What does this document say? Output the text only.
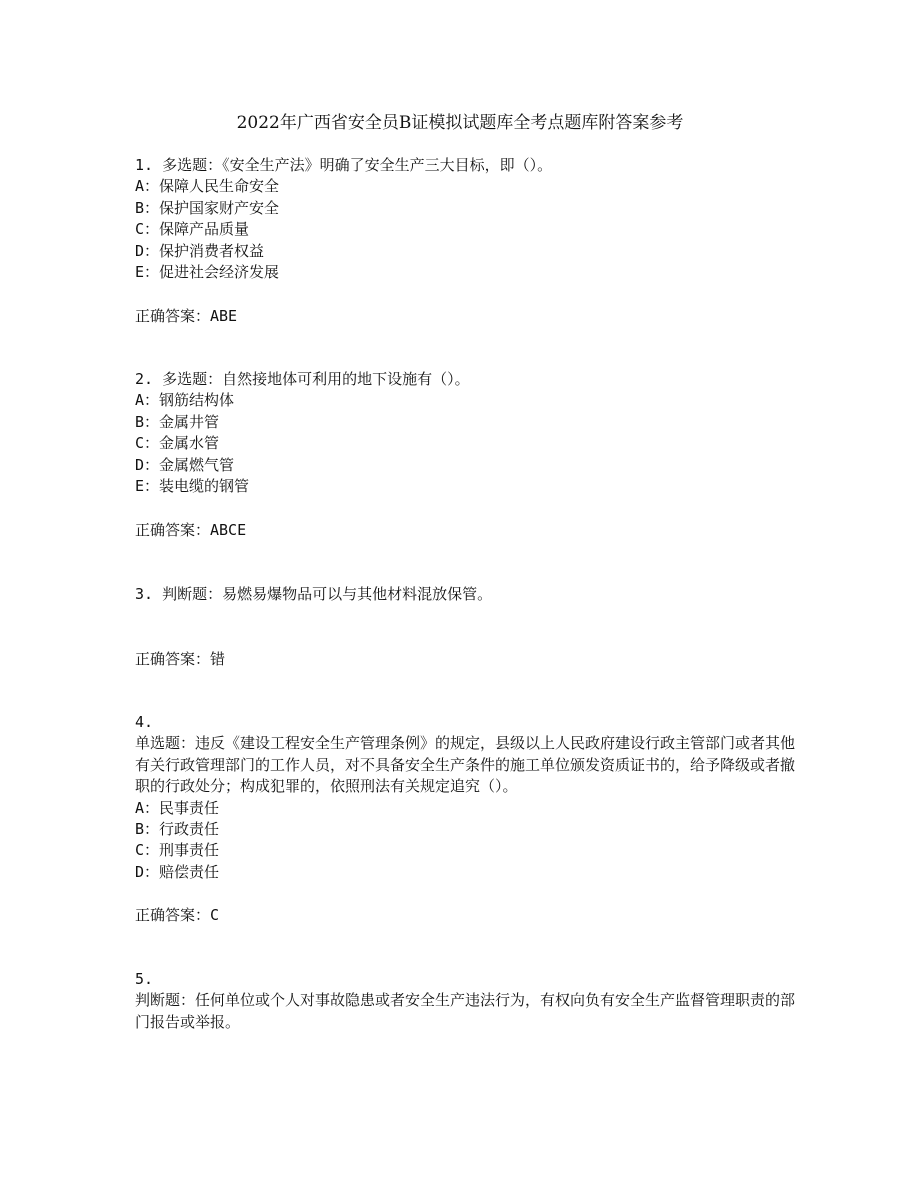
2022年广西省安全员B证模拟试题库全考点题库附答案参考
1. 多选题：《安全生产法》明确了安全生产三大目标，即（）。
A：保障人民生命安全
B：保护国家财产安全
C：保障产品质量
D：保护消费者权益
E：促进社会经济发展
正确答案：ABE
2. 多选题：自然接地体可利用的地下设施有（）。
A：钢筋结构体
B：金属井管
C：金属水管
D：金属燃气管
E：装电缆的钢管
正确答案：ABCE
3. 判断题：易燃易爆物品可以与其他材料混放保管。
正确答案：错
4.
单选题：违反《建设工程安全生产管理条例》的规定，县级以上人民政府建设行政主管部门或者其他有关行政管理部门的工作人员，对不具备安全生产条件的施工单位颁发资质证书的，给予降级或者撤职的行政处分；构成犯罪的，依照刑法有关规定追究（）。
A：民事责任
B：行政责任
C：刑事责任
D：赔偿责任
正确答案：C
5.
判断题：任何单位或个人对事故隐患或者安全生产违法行为，有权向负有安全生产监督管理职责的部门报告或举报。
